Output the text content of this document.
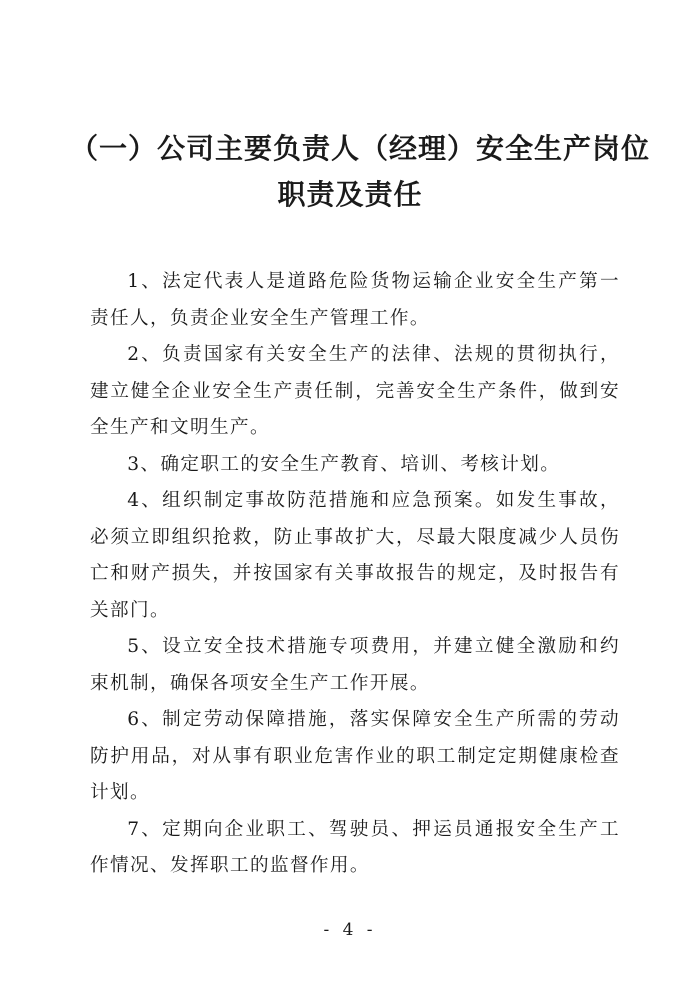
（一）公司主要负责人（经理）安全生产岗位
职责及责任

1、法定代表人是道路危险货物运输企业安全生产第一责任人，负责企业安全生产管理工作。

2、负责国家有关安全生产的法律、法规的贯彻执行， 建立健全企业安全生产责任制，完善安全生产条件，做到安全生产和文明生产。

3、确定职工的安全生产教育、培训、考核计划。

4、组织制定事故防范措施和应急预案。如发生事故，必须立即组织抢救，防止事故扩大，尽最大限度减少人员伤亡和财产损失，并按国家有关事故报告的规定，及时报告有关部门。

5、设立安全技术措施专项费用，并建立健全激励和约束机制，确保各项安全生产工作开展。

6、制定劳动保障措施，落实保障安全生产所需的劳动防护用品，对从事有职业危害作业的职工制定定期健康检查计划。

7、定期向企业职工、驾驶员、押运员通报安全生产工作情况、发挥职工的监督作用。

- 4 -
